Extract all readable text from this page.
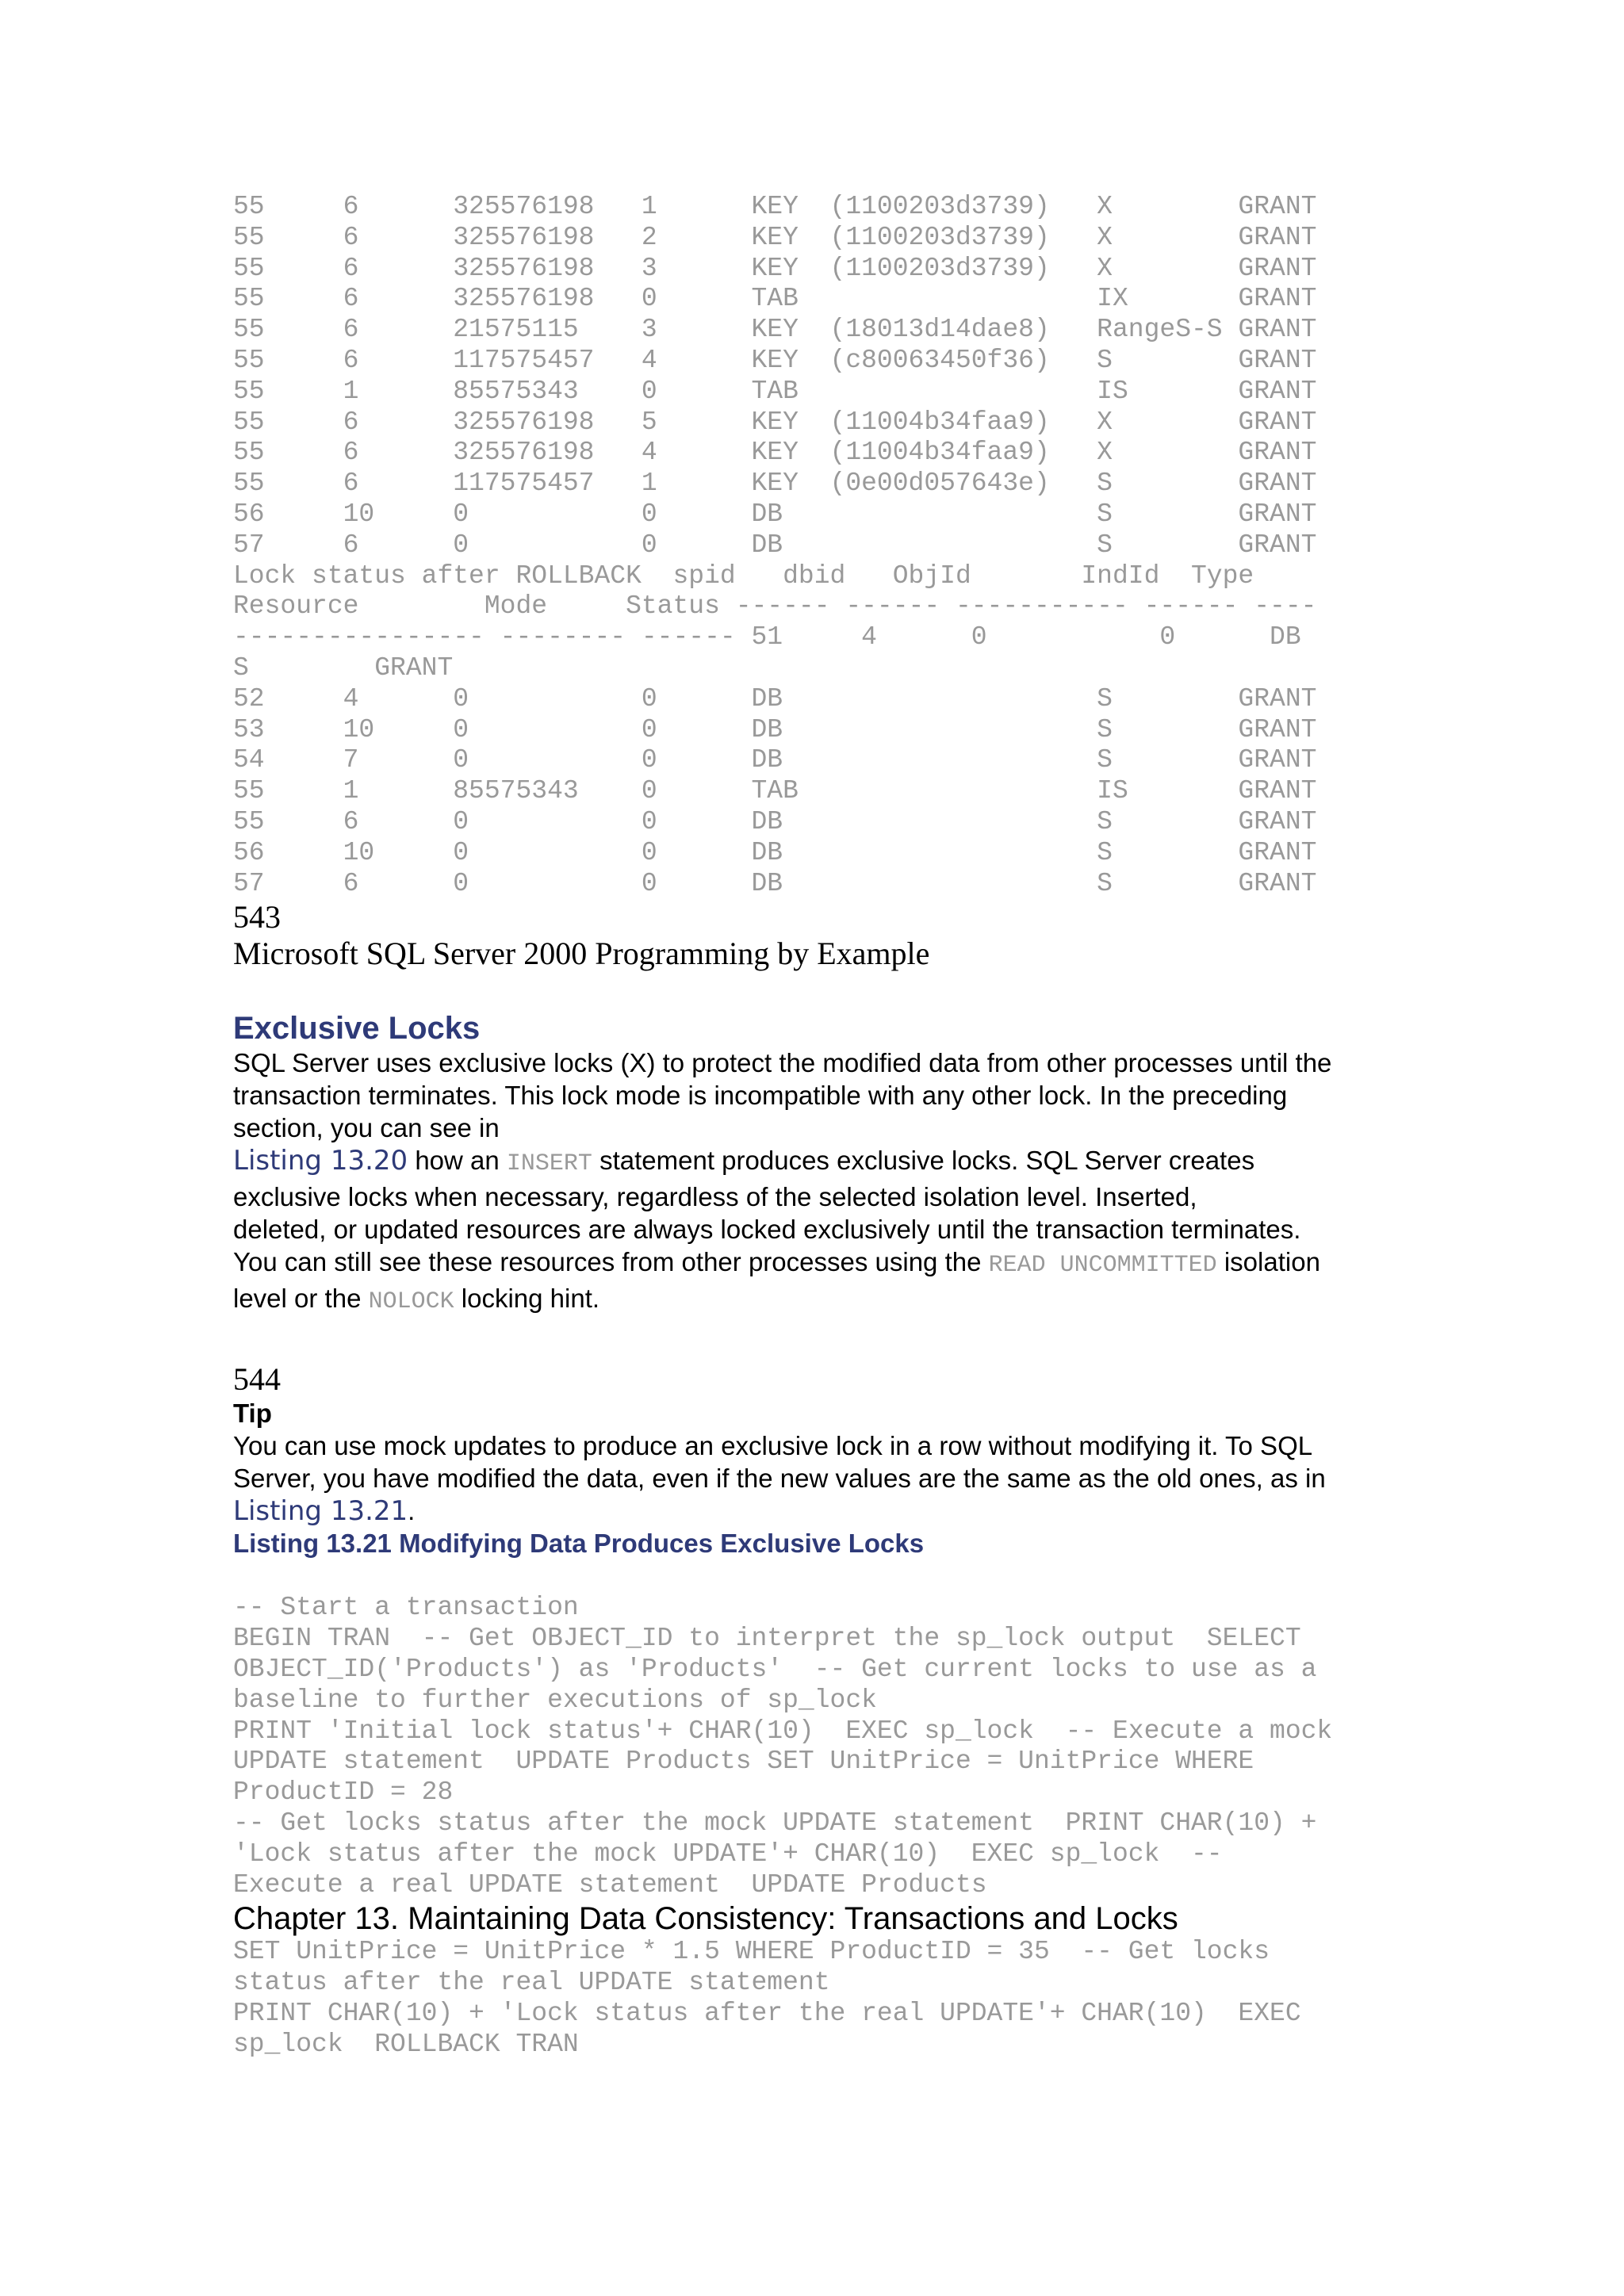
55     6      325576198   1      KEY  (1100203d3739)   X        GRANT

55     6      325576198   2      KEY  (1100203d3739)   X        GRANT

55     6      325576198   3      KEY  (1100203d3739)   X        GRANT

55     6      325576198   0      TAB                   IX       GRANT

55     6      21575115    3      KEY  (18013d14dae8)   RangeS-S GRANT

55     6      117575457   4      KEY  (c80063450f36)   S        GRANT

55     1      85575343    0      TAB                   IS       GRANT

55     6      325576198   5      KEY  (11004b34faa9)   X        GRANT

55     6      325576198   4      KEY  (11004b34faa9)   X        GRANT

55     6      117575457   1      KEY  (0e00d057643e)   S        GRANT

56     10     0           0      DB                    S        GRANT

57     6      0           0      DB                    S        GRANT

Lock status after ROLLBACK  spid   dbid   ObjId       IndId  Type

Resource        Mode     Status ------ ------ ----------- ------ ----

---------------- -------- ------ 51     4      0           0      DB

S        GRANT

52     4      0           0      DB                    S        GRANT

53     10     0           0      DB                    S        GRANT

54     7      0           0      DB                    S        GRANT

55     1      85575343    0      TAB                   IS       GRANT

55     6      0           0      DB                    S        GRANT

56     10     0           0      DB                    S        GRANT

57     6      0           0      DB                    S        GRANT

543

Microsoft SQL Server 2000 Programming by Example

Exclusive Locks

SQL Server uses exclusive locks (X) to protect the modified data from other processes until the

transaction terminates. This lock mode is incompatible with any other lock. In the preceding

section, you can see in

Listing 13.20 how an INSERT statement produces exclusive locks. SQL Server creates

exclusive locks when necessary, regardless of the selected isolation level. Inserted,

deleted, or updated resources are always locked exclusively until the transaction terminates.

You can still see these resources from other processes using the READ UNCOMMITTED isolation

level or the NOLOCK locking hint.

544

Tip

You can use mock updates to produce an exclusive lock in a row without modifying it. To SQL

Server, you have modified the data, even if the new values are the same as the old ones, as in

Listing 13.21.

Listing 13.21 Modifying Data Produces Exclusive Locks

-- Start a transaction

BEGIN TRAN  -- Get OBJECT_ID to interpret the sp_lock output  SELECT

OBJECT_ID('Products') as 'Products'  -- Get current locks to use as a

baseline to further executions of sp_lock

PRINT 'Initial lock status'+ CHAR(10)  EXEC sp_lock  -- Execute a mock

UPDATE statement  UPDATE Products SET UnitPrice = UnitPrice WHERE

ProductID = 28

-- Get locks status after the mock UPDATE statement  PRINT CHAR(10) +

'Lock status after the mock UPDATE'+ CHAR(10)  EXEC sp_lock  --

Execute a real UPDATE statement  UPDATE Products

Chapter 13. Maintaining Data Consistency: Transactions and Locks

SET UnitPrice = UnitPrice * 1.5 WHERE ProductID = 35  -- Get locks

status after the real UPDATE statement

PRINT CHAR(10) + 'Lock status after the real UPDATE'+ CHAR(10)  EXEC

sp_lock  ROLLBACK TRAN
